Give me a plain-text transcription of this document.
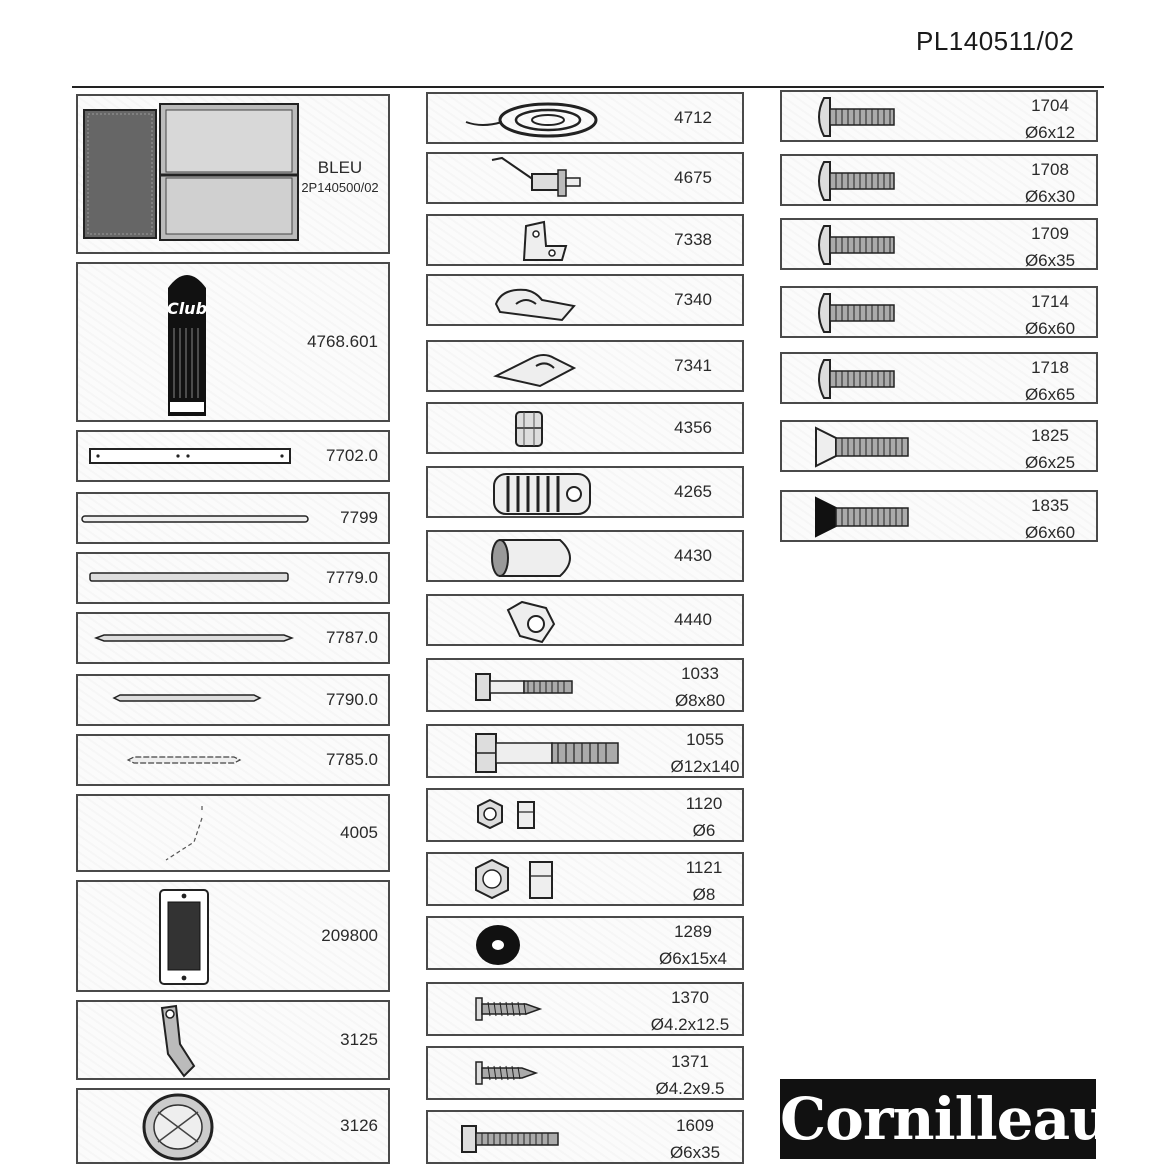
PL140511/02
BLEU
2P140500/02
Club
4768.601
7702.0
7799
7779.0
7787.0
7790.0
7785.0
4005
209800
3125
3126
4712
4675
7338
7340
7341
4356
4265
4430
4440
1033
Ø8x80
1055
Ø12x140
1120
Ø6
1121
Ø8
1289
Ø6x15x4
1370
Ø4.2x12.5
1371
Ø4.2x9.5
1609
Ø6x35
1704
Ø6x12
1708
Ø6x30
1709
Ø6x35
1714
Ø6x60
1718
Ø6x65
1825
Ø6x25
1835
Ø6x60
Cornilleau
